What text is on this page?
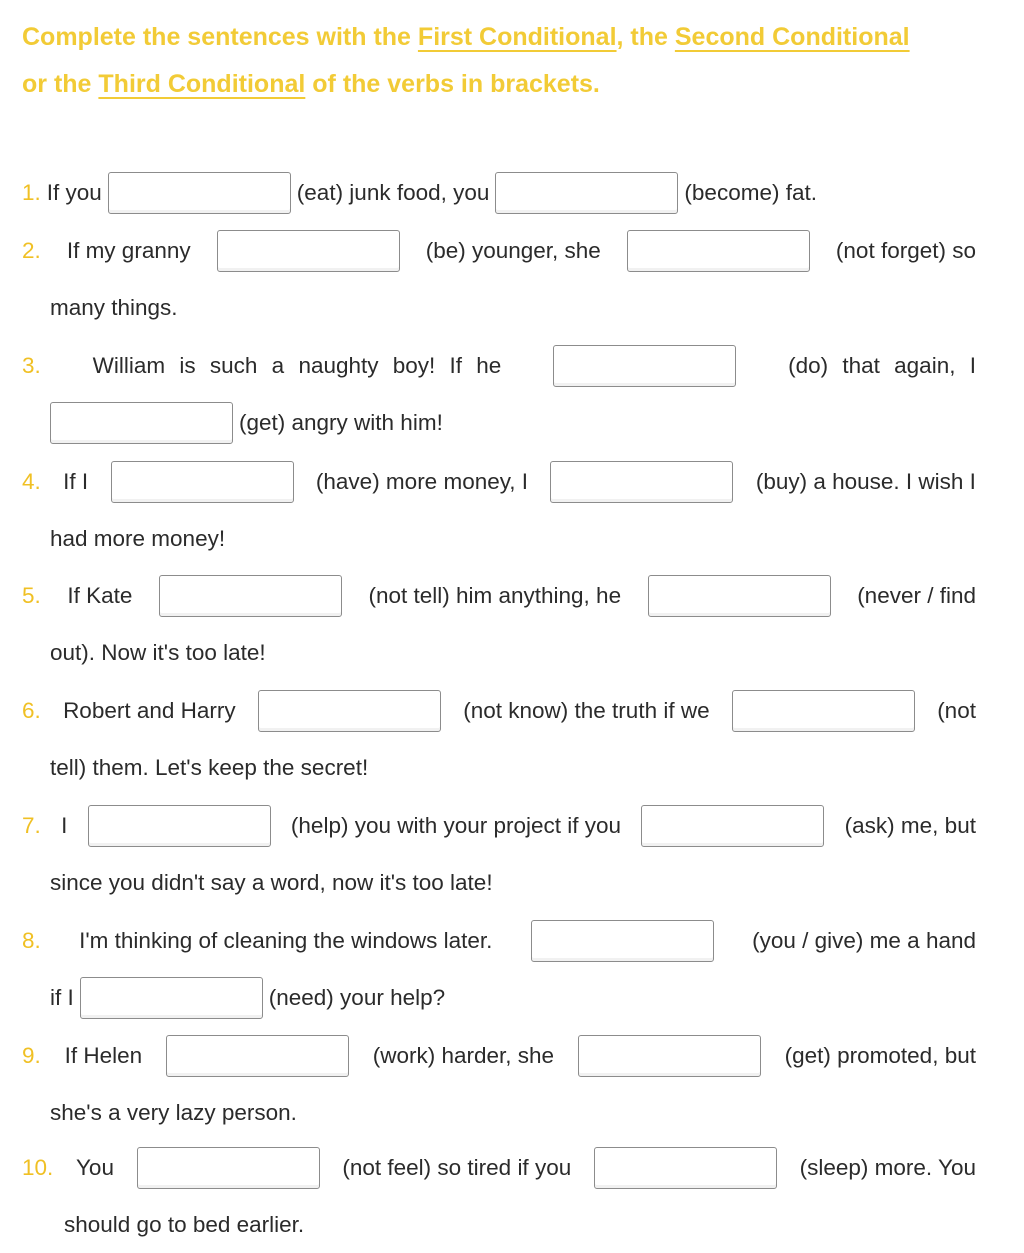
Complete the sentences with the First Conditional, the Second Conditional
or the Third Conditional of the verbs in brackets.
1. If you	(eat) junk food, you	(become) fat.
2. If my granny	(be) younger, she	(not forget) so
many things.
3. William is such a naughty boy! If he	(do) that again, I
(get) angry with him!
4. If I	(have) more money, I	(buy) a house. I wish I
had more money!
5. If Kate	(not tell) him anything, he	(never / find
out). Now it's too late!
6. Robert and Harry	(not know) the truth if we	(not
tell) them. Let's keep the secret!
7. I	(help) you with your project if you	(ask) me, but
since you didn't say a word, now it's too late!
8. I'm thinking of cleaning the windows later.	(you / give) me a hand
if I	(need) your help?
9. If Helen	(work) harder, she	(get) promoted, but
she's a very lazy person.
10. You	(not feel) so tired if you	(sleep) more. You
should go to bed earlier.
